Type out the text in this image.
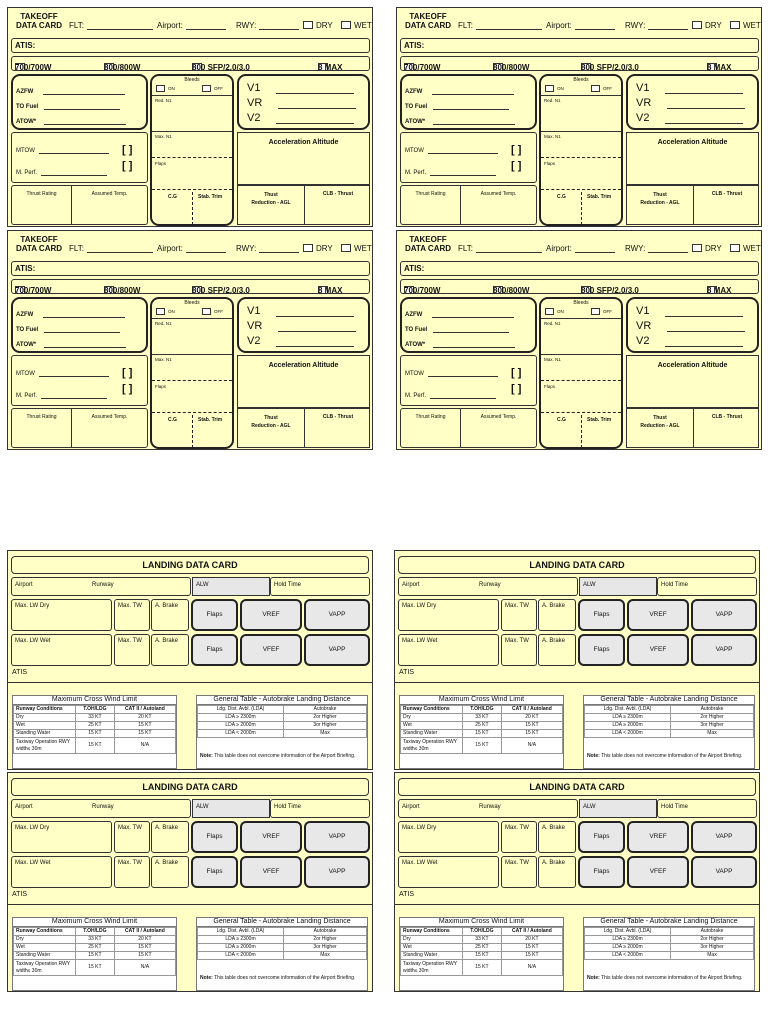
TAKEOFF
DATA CARD FLT:	Airport:	RWY:	DRY	WET
ATIS:
700/700W	800/800W	800 SFP/2.0/3.0	8 MAX
AZFW
TO Fuel
ATOW*
MTOW
M. Perf.
[ ]
[ ]
Thrust Rating	Assumed Temp.
Bleeds
ON	OFF
Red. N1
Max. N1
Flaps
C.G	Stab. Trim
V1
VR
V2
Acceleration Altitude
Thust
Reduction - AGL
CLB - Thrust
TAKEOFF
DATA CARD FLT:	Airport:	RWY:	DRY	WET
ATIS:
700/700W	800/800W	800 SFP/2.0/3.0	8 MAX
AZFW
TO Fuel
ATOW*
MTOW
M. Perf.
[ ]
[ ]
Thrust Rating	Assumed Temp.
Bleeds
ON	OFF
Red. N1
Max. N1
Flaps
C.G	Stab. Trim
V1
VR
V2
Acceleration Altitude
Thust
Reduction - AGL
CLB - Thrust
TAKEOFF
DATA CARD FLT:	Airport:	RWY:	DRY	WET
ATIS:
700/700W	800/800W	800 SFP/2.0/3.0	8 MAX
AZFW
TO Fuel
ATOW*
MTOW
M. Perf.
[ ]
[ ]
Thrust Rating	Assumed Temp.
Bleeds
ON	OFF
Red. N1
Max. N1
Flaps
C.G	Stab. Trim
V1
VR
V2
Acceleration Altitude
Thust
Reduction - AGL
CLB - Thrust
TAKEOFF
DATA CARD FLT:	Airport:	RWY:	DRY	WET
ATIS:
700/700W	800/800W	800 SFP/2.0/3.0	8 MAX
AZFW
TO Fuel
ATOW*
MTOW
M. Perf.
[ ]
[ ]
Thrust Rating	Assumed Temp.
Bleeds
ON	OFF
Red. N1
Max. N1
Flaps
C.G	Stab. Trim
V1
VR
V2
Acceleration Altitude
Thust
Reduction - AGL
CLB - Thrust
LANDING DATA CARD
Airport	Runway	ALW	Hold Time
Max. LW Dry	Max. TW	A. Brake
Flaps	VREF	VAPP
Max. LW Wet	Max. TW	A. Brake
Flaps	VFEF	VAPP
ATIS
Maximum Cross Wind Limit
Runway Conditions	T.OH/LDG	CAT II / Autoland
Dry	33 KT	20 KT
Wet	25 KT	15 KT
Standing Water	15 KT	15 KT
Taxiway Operation RWY width≤ 30m	15 KT	N/A
General Table - Autobrake Landing Distance
Ldg. Dist. Avbl. (LDA)	Autobrake
LDA ≥ 2300m	2or Higher
LDA ≥ 2000m	3or Higher
LDA < 2000m	Max
Note: This table does not overcome information of the Airport Briefing.
LANDING DATA CARD
Airport	Runway	ALW	Hold Time
Max. LW Dry	Max. TW	A. Brake
Flaps	VREF	VAPP
Max. LW Wet	Max. TW	A. Brake
Flaps	VFEF	VAPP
ATIS
Maximum Cross Wind Limit
Runway Conditions	T.OH/LDG	CAT II / Autoland
Dry	33 KT	20 KT
Wet	25 KT	15 KT
Standing Water	15 KT	15 KT
Taxiway Operation RWY width≤ 30m	15 KT	N/A
General Table - Autobrake Landing Distance
Ldg. Dist. Avbl. (LDA)	Autobrake
LDA ≥ 2300m	2or Higher
LDA ≥ 2000m	3or Higher
LDA < 2000m	Max
Note: This table does not overcome information of the Airport Briefing.
LANDING DATA CARD
Airport	Runway	ALW	Hold Time
Max. LW Dry	Max. TW	A. Brake
Flaps	VREF	VAPP
Max. LW Wet	Max. TW	A. Brake
Flaps	VFEF	VAPP
ATIS
Maximum Cross Wind Limit
Runway Conditions	T.OH/LDG	CAT II / Autoland
Dry	33 KT	20 KT
Wet	25 KT	15 KT
Standing Water	15 KT	15 KT
Taxiway Operation RWY width≤ 30m	15 KT	N/A
General Table - Autobrake Landing Distance
Ldg. Dist. Avbl. (LDA)	Autobrake
LDA ≥ 2300m	2or Higher
LDA ≥ 2000m	3or Higher
LDA < 2000m	Max
Note: This table does not overcome information of the Airport Briefing.
LANDING DATA CARD
Airport	Runway	ALW	Hold Time
Max. LW Dry	Max. TW	A. Brake
Flaps	VREF	VAPP
Max. LW Wet	Max. TW	A. Brake
Flaps	VFEF	VAPP
ATIS
Maximum Cross Wind Limit
Runway Conditions	T.OH/LDG	CAT II / Autoland
Dry	33 KT	20 KT
Wet	25 KT	15 KT
Standing Water	15 KT	15 KT
Taxiway Operation RWY width≤ 30m	15 KT	N/A
General Table - Autobrake Landing Distance
Ldg. Dist. Avbl. (LDA)	Autobrake
LDA ≥ 2300m	2or Higher
LDA ≥ 2000m	3or Higher
LDA < 2000m	Max
Note: This table does not overcome information of the Airport Briefing.
